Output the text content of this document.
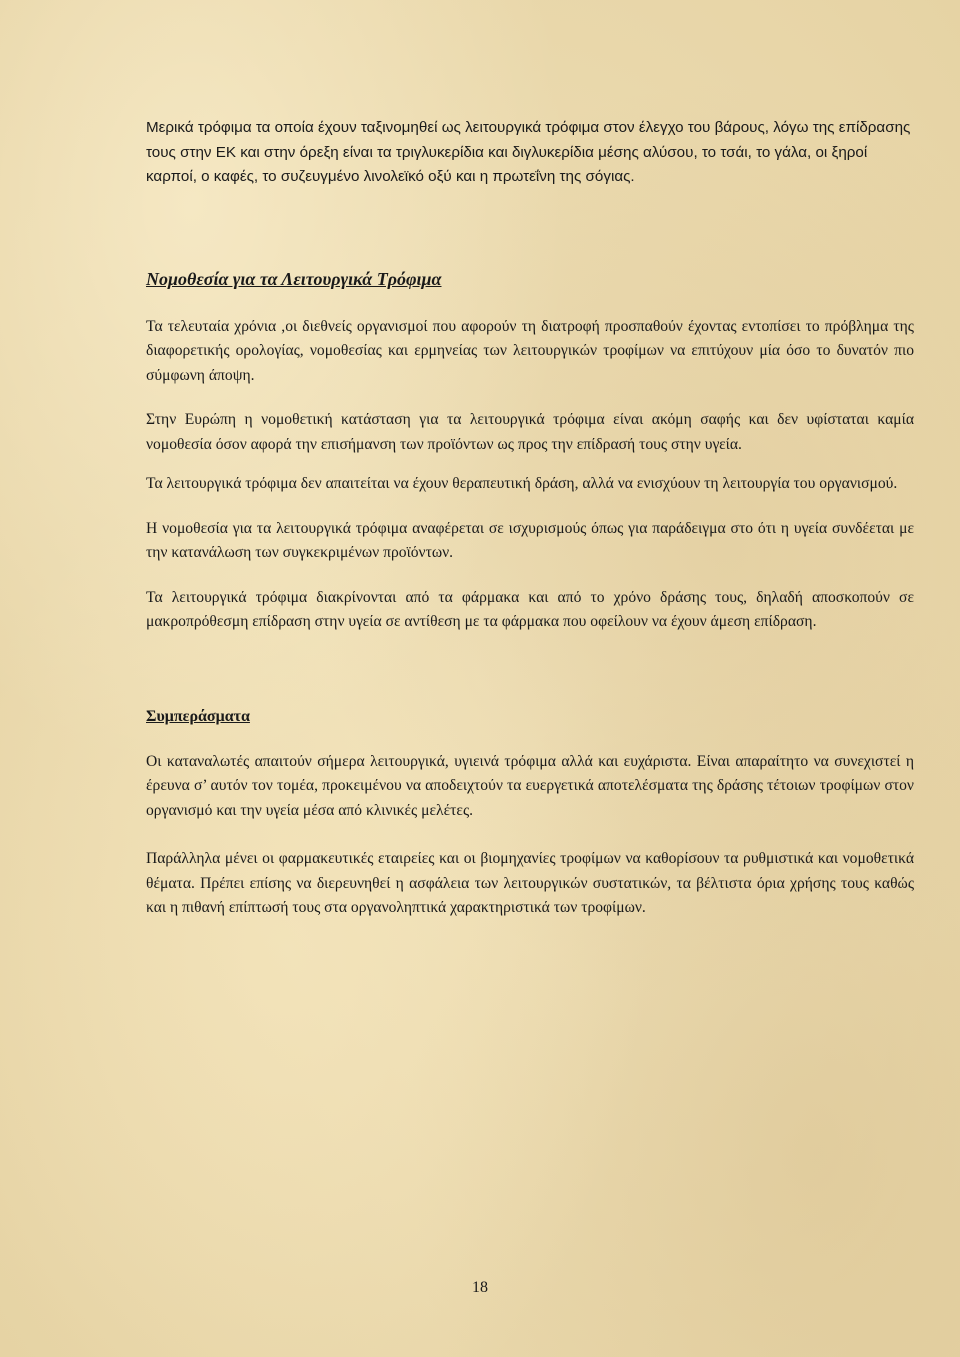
Μερικά τρόφιμα τα οποία έχουν ταξινομηθεί ως λειτουργικά τρόφιμα στον έλεγχο του βάρους, λόγω της επίδρασης τους στην ΕΚ και στην όρεξη είναι τα τριγλυκερίδια και διγλυκερίδια μέσης αλύσου, το τσάι, το γάλα, οι ξηροί καρποί, ο καφές, το συζευγμένο λινολεϊκό οξύ και η πρωτεΐνη της σόγιας.

Νομοθεσία για τα Λειτουργικά Τρόφιμα

Τα τελευταία χρόνια ,οι διεθνείς οργανισμοί που αφορούν τη διατροφή προσπαθούν έχοντας εντοπίσει το πρόβλημα της διαφορετικής ορολογίας, νομοθεσίας και ερμηνείας των λειτουργικών τροφίμων να επιτύχουν μία όσο το δυνατόν πιο σύμφωνη άποψη.

Στην Ευρώπη η νομοθετική κατάσταση για τα λειτουργικά τρόφιμα είναι ακόμη σαφής και δεν υφίσταται καμία νομοθεσία όσον αφορά την επισήμανση των προϊόντων ως προς την επίδρασή τους στην υγεία.

Τα λειτουργικά τρόφιμα δεν απαιτείται να έχουν θεραπευτική δράση, αλλά να ενισχύουν τη λειτουργία του οργανισμού.

Η νομοθεσία για τα λειτουργικά τρόφιμα αναφέρεται σε ισχυρισμούς όπως για παράδειγμα στο ότι η υγεία συνδέεται με την κατανάλωση των συγκεκριμένων προϊόντων.

Τα λειτουργικά τρόφιμα διακρίνονται από τα φάρμακα και από το χρόνο δράσης τους, δηλαδή αποσκοπούν σε μακροπρόθεσμη επίδραση στην υγεία σε αντίθεση με τα φάρμακα που οφείλουν να έχουν άμεση επίδραση.

Συμπεράσματα

Οι καταναλωτές απαιτούν σήμερα λειτουργικά, υγιεινά τρόφιμα αλλά και ευχάριστα. Είναι απαραίτητο να συνεχιστεί η έρευνα σ’ αυτόν τον τομέα, προκειμένου να αποδειχτούν τα ευεργετικά αποτελέσματα της δράσης τέτοιων τροφίμων στον οργανισμό και την υγεία μέσα από κλινικές μελέτες.

Παράλληλα μένει οι φαρμακευτικές εταιρείες και οι βιομηχανίες τροφίμων να καθορίσουν τα ρυθμιστικά και νομοθετικά θέματα. Πρέπει επίσης να διερευνηθεί η ασφάλεια των λειτουργικών συστατικών, τα βέλτιστα όρια χρήσης τους καθώς και η πιθανή επίπτωσή τους στα οργανοληπτικά χαρακτηριστικά των τροφίμων.

18
